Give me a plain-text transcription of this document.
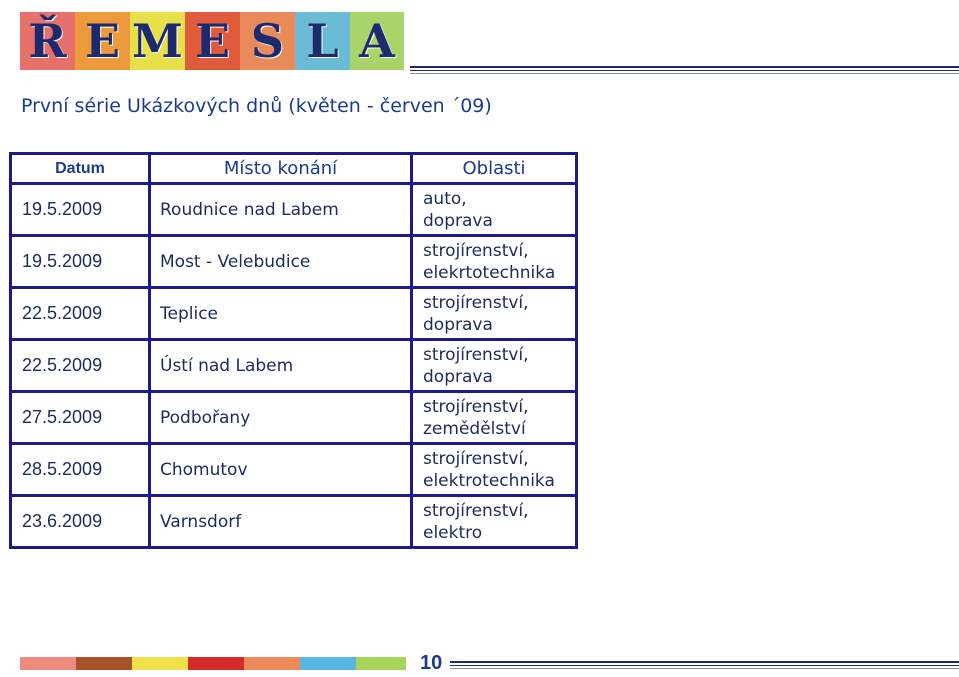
Ř E M E S L A
První série Ukázkových dnů (květen - červen ´09)
Datum	Místo konání	Oblasti
19.5.2009	Roudnice nad Labem	auto,
doprava

19.5.2009	Most - Velebudice	strojírenství,
elekrtotechnika

22.5.2009	Teplice	strojírenství,
doprava

22.5.2009	Ústí nad Labem	strojírenství,
doprava

27.5.2009	Podbořany	strojírenství,
zemědělství

28.5.2009	Chomutov	strojírenství,
elektrotechnika

23.6.2009	Varnsdorf	strojírenství,
elektro
10
